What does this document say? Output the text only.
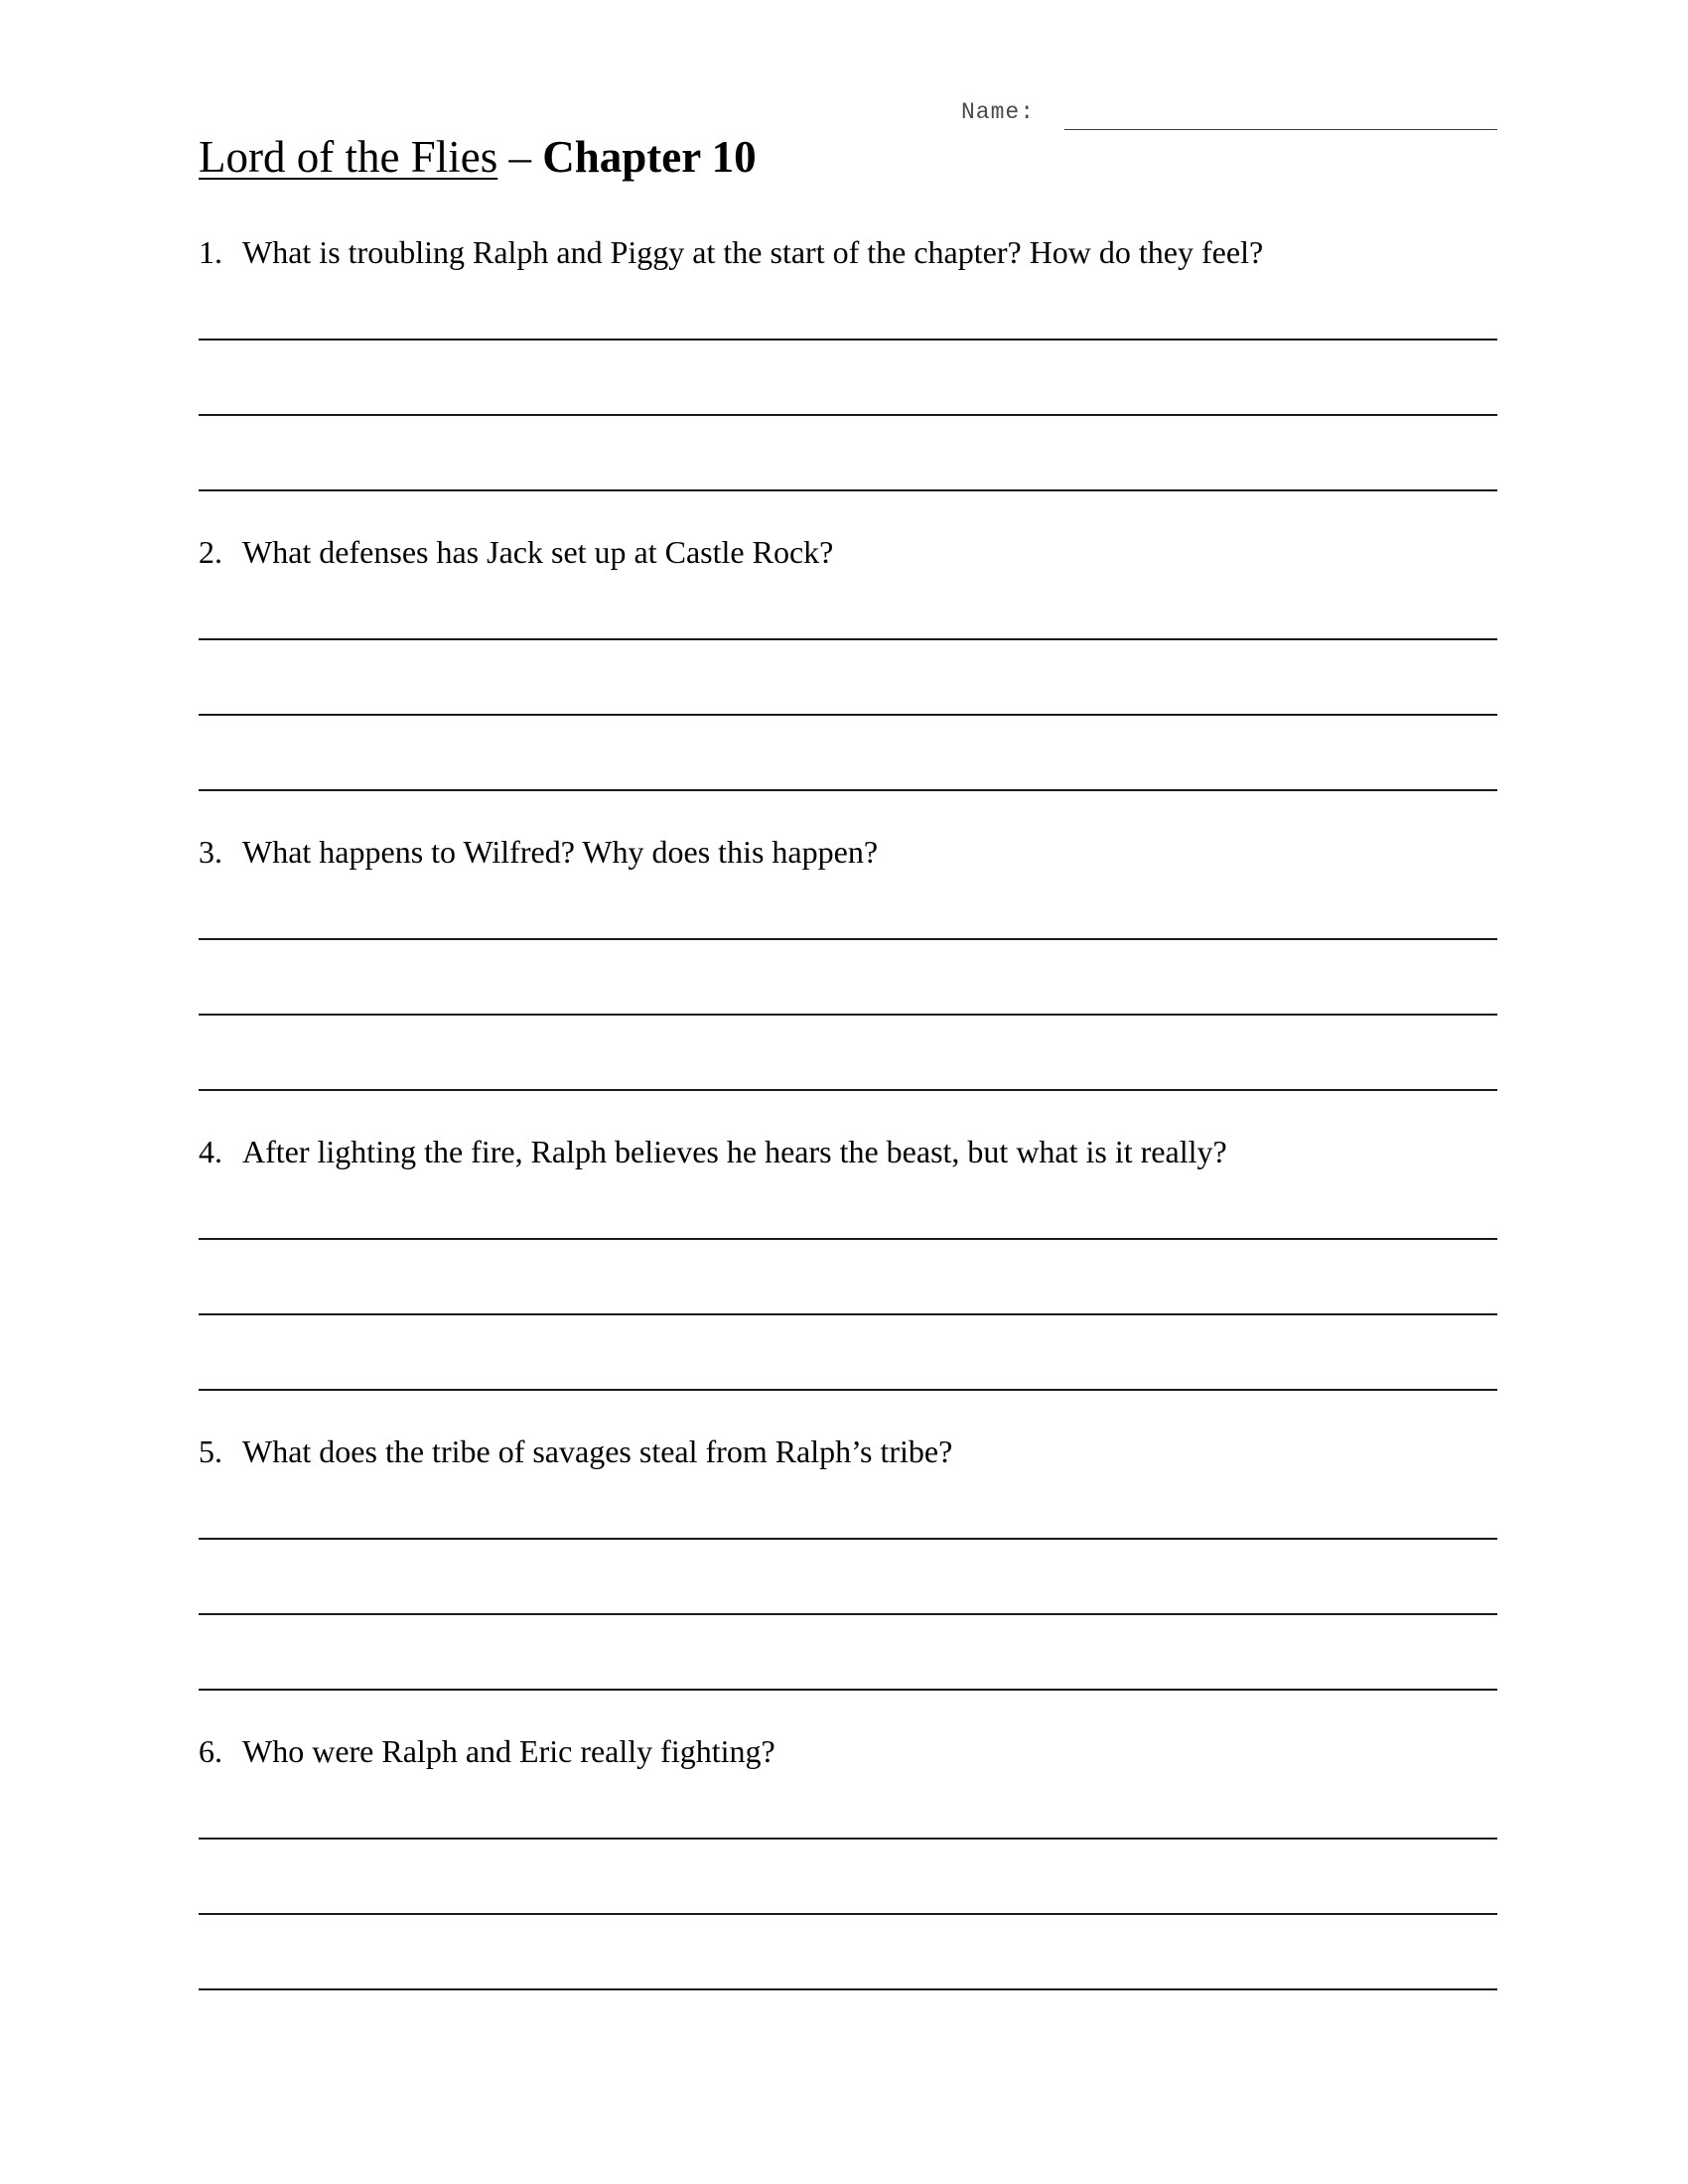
Name:
Lord of the Flies – Chapter 10
1. What is troubling Ralph and Piggy at the start of the chapter? How do they feel?
2. What defenses has Jack set up at Castle Rock?
3. What happens to Wilfred? Why does this happen?
4. After lighting the fire, Ralph believes he hears the beast, but what is it really?
5. What does the tribe of savages steal from Ralph’s tribe?
6. Who were Ralph and Eric really fighting?
